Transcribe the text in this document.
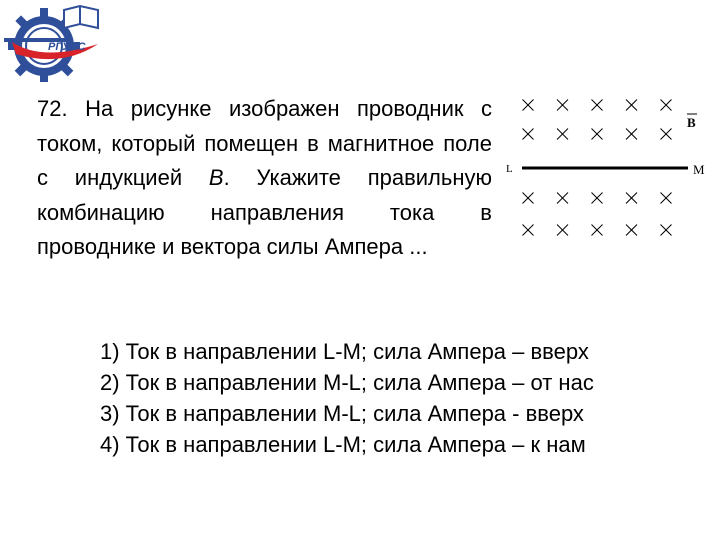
РГУПС
72. На рисунке изображен проводник с током, который помещен в магнитное поле с индукцией B. Укажите правильную комбинацию направления тока в проводнике и вектора силы Ампера ...
L	M
B
1) Ток в направлении L-M; сила Ампера – вверх
2) Ток в направлении M-L; сила Ампера – от нас
3) Ток в направлении M-L; сила Ампера - вверх
4) Ток в направлении L-M; сила Ампера – к нам
